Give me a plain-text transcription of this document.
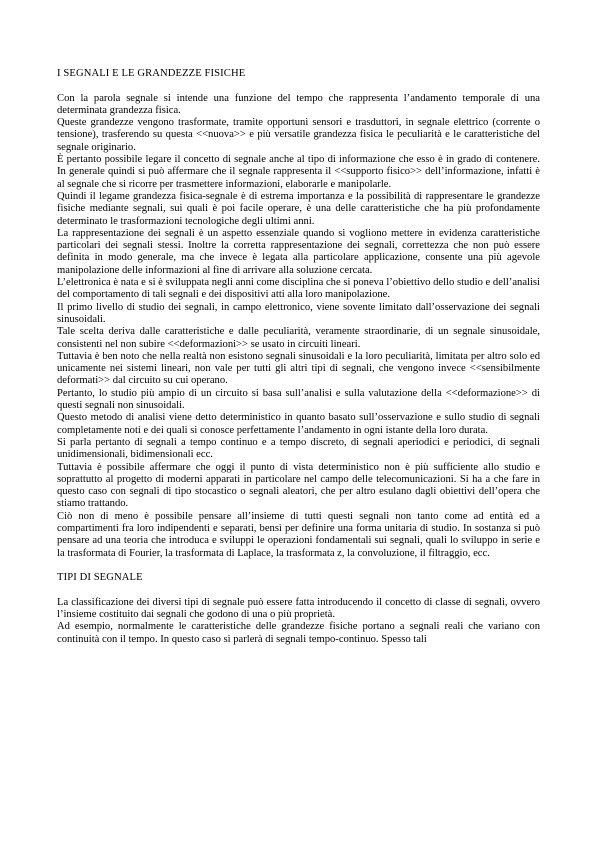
I SEGNALI E LE GRANDEZZE FISICHE

Con la parola segnale si intende una funzione del tempo che rappresenta l’andamento temporale di una determinata grandezza fisica.

Queste grandezze vengono trasformate, tramite opportuni sensori e trasduttori, in segnale elettrico (corrente o tensione), trasferendo su questa <<nuova>> e più versatile grandezza fisica le peculiarità e le caratteristiche del segnale originario.

È pertanto possibile legare il concetto di segnale anche al tipo di informazione che esso è in grado di contenere. In generale quindi si può affermare che il segnale rappresenta il <<supporto fisico>> dell’informazione, infatti è al segnale che si ricorre per trasmettere informazioni, elaborarle e manipolarle.

Quindi il legame grandezza fisica-segnale è di estrema importanza e la possibilità di rappresentare le grandezze fisiche mediante segnali, sui quali è poi facile operare, è una delle caratteristiche che ha più profondamente determinato le trasformazioni tecnologiche degli ultimi anni.

La rappresentazione dei segnali è un aspetto essenziale quando si vogliono mettere in evidenza caratteristiche particolari dei segnali stessi. Inoltre la corretta rappresentazione dei segnali, correttezza che non può essere definita in modo generale, ma che invece è legata alla particolare applicazione, consente una più agevole manipolazione delle informazioni al fine di arrivare alla soluzione cercata.

L’elettronica è nata e si è sviluppata negli anni come disciplina che si poneva l’obiettivo dello studio e dell’analisi del comportamento di tali segnali e dei dispositivi atti alla loro manipolazione.

Il primo livello di studio dei segnali, in campo elettronico, viene sovente limitato dall’osservazione dei segnali sinusoidali.

Tale scelta deriva dalle caratteristiche e dalle peculiarità, veramente straordinarie, di un segnale sinusoidale, consistenti nel non subire <<deformazioni>> se usato in circuiti lineari.

Tuttavia è ben noto che nella realtà non esistono segnali sinusoidali e la loro peculiarità, limitata per altro solo ed unicamente nei sistemi lineari, non vale per tutti gli altri tipi di segnali, che vengono invece <<sensibilmente deformati>> dal circuito su cui operano.

Pertanto, lo studio più ampio di un circuito si basa sull’analisi e sulla valutazione della <<deformazione>> di questi segnali non sinusoidali.

Questo metodo di analisi viene detto deterministico in quanto basato sull’osservazione e sullo studio di segnali completamente noti e dei quali si conosce perfettamente l’andamento in ogni istante della loro durata.

Si parla pertanto di segnali a tempo continuo e a tempo discreto, di segnali aperiodici e periodici, di segnali unidimensionali, bidimensionali ecc.

Tuttavia è possibile affermare che oggi il punto di vista deterministico non è più sufficiente allo studio e soprattutto al progetto di moderni apparati in particolare nel campo delle telecomunicazioni. Si ha a che fare in questo caso con segnali di tipo stocastico o segnali aleatori, che per altro esulano dagli obiettivi dell’opera che stiamo trattando.

Ciò non di meno è possibile pensare all’insieme di tutti questi segnali non tanto come ad entità ed a compartimenti fra loro indipendenti e separati, bensì per definire una forma unitaria di studio. In sostanza si può pensare ad una teoria che introduca e sviluppi le operazioni fondamentali sui segnali, quali lo sviluppo in serie e la trasformata di Fourier, la trasformata di Laplace, la trasformata z, la convoluzione, il filtraggio, ecc.

TIPI DI SEGNALE

La classificazione dei diversi tipi di segnale può essere fatta introducendo il concetto di classe di segnali, ovvero l’insieme costituito dai segnali che godono di una o più proprietà.

Ad esempio, normalmente le caratteristiche delle grandezze fisiche portano a segnali reali che variano con continuità con il tempo. In questo caso si parlerà di segnali tempo-continuo. Spesso tali
